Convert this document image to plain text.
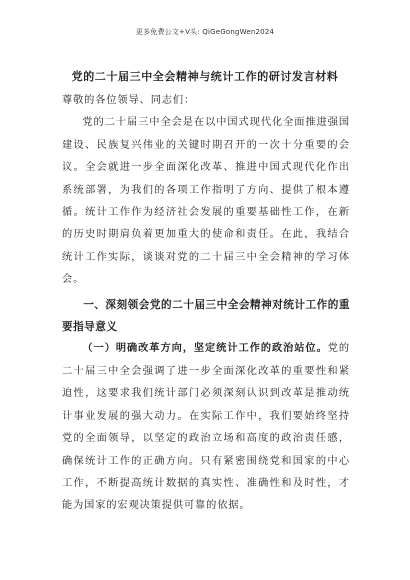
更多免费公文+V头: QiGeGongWen2024
党的二十届三中全会精神与统计工作的研讨发言材料

尊敬的各位领导、同志们：

党的二十届三中全会是在以中国式现代化全面推进强国建设、民族复兴伟业的关键时期召开的一次十分重要的会议。全会就进一步全面深化改革、推进中国式现代化作出系统部署，为我们的各项工作指明了方向、提供了根本遵循。统计工作作为经济社会发展的重要基础性工作，在新的历史时期肩负着更加重大的使命和责任。在此，我结合统计工作实际，谈谈对党的二十届三中全会精神的学习体会。

一、深刻领会党的二十届三中全会精神对统计工作的重要指导意义

（一）明确改革方向，坚定统计工作的政治站位。党的二十届三中全会强调了进一步全面深化改革的重要性和紧迫性，这要求我们统计部门必须深刻认识到改革是推动统计事业发展的强大动力。在实际工作中，我们要始终坚持党的全面领导，以坚定的政治立场和高度的政治责任感，确保统计工作的正确方向。只有紧密围绕党和国家的中心工作，不断提高统计数据的真实性、准确性和及时性，才能为国家的宏观决策提供可靠的依据。
